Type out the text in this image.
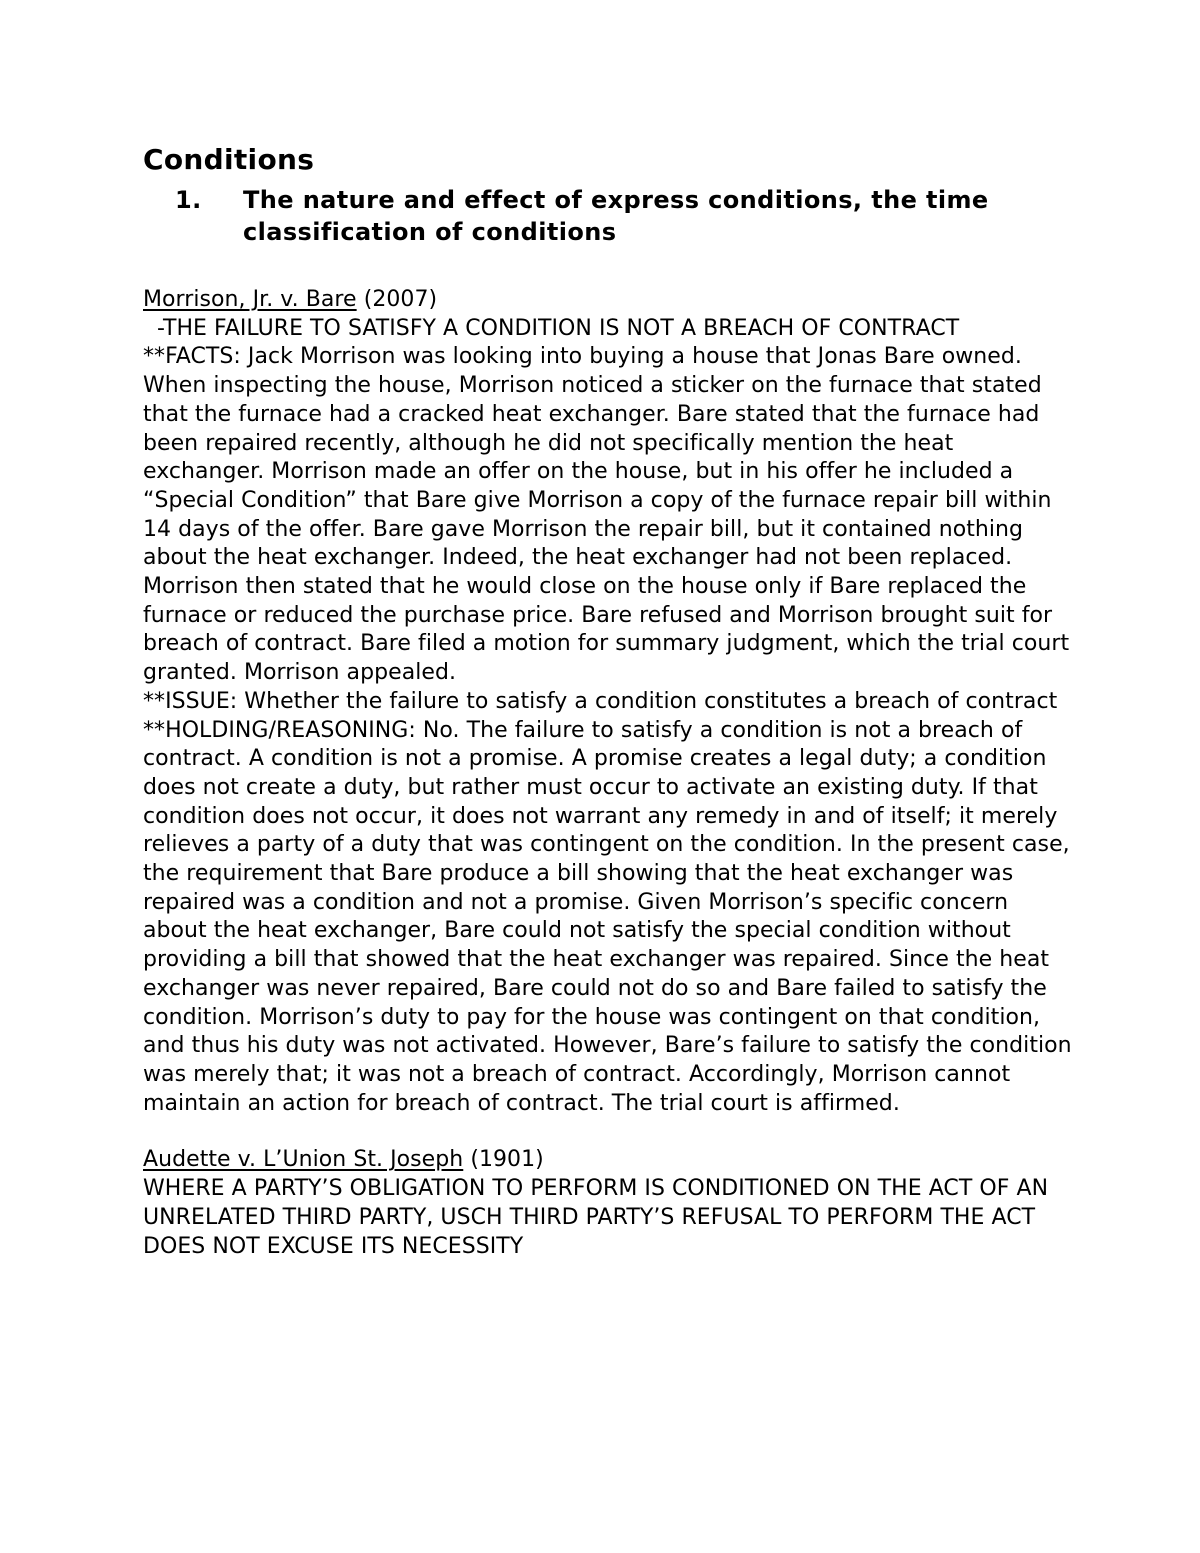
Conditions
1.	The nature and effect of express conditions, the time classification of conditions
Morrison, Jr. v. Bare (2007)

-THE FAILURE TO SATISFY A CONDITION IS NOT A BREACH OF CONTRACT

**FACTS: Jack Morrison was looking into buying a house that Jonas Bare owned. When inspecting the house, Morrison noticed a sticker on the furnace that stated that the furnace had a cracked heat exchanger. Bare stated that the furnace had been repaired recently, although he did not specifically mention the heat exchanger. Morrison made an offer on the house, but in his offer he included a “Special Condition” that Bare give Morrison a copy of the furnace repair bill within 14 days of the offer. Bare gave Morrison the repair bill, but it contained nothing about the heat exchanger. Indeed, the heat exchanger had not been replaced. Morrison then stated that he would close on the house only if Bare replaced the furnace or reduced the purchase price. Bare refused and Morrison brought suit for breach of contract. Bare filed a motion for summary judgment, which the trial court granted. Morrison appealed.

**ISSUE: Whether the failure to satisfy a condition constitutes a breach of contract

**HOLDING/REASONING: No. The failure to satisfy a condition is not a breach of contract. A condition is not a promise. A promise creates a legal duty; a condition does not create a duty, but rather must occur to activate an existing duty. If that condition does not occur, it does not warrant any remedy in and of itself; it merely relieves a party of a duty that was contingent on the condition. In the present case, the requirement that Bare produce a bill showing that the heat exchanger was repaired was a condition and not a promise. Given Morrison’s specific concern about the heat exchanger, Bare could not satisfy the special condition without providing a bill that showed that the heat exchanger was repaired. Since the heat exchanger was never repaired, Bare could not do so and Bare failed to satisfy the condition. Morrison’s duty to pay for the house was contingent on that condition, and thus his duty was not activated. However, Bare’s failure to satisfy the condition was merely that; it was not a breach of contract. Accordingly, Morrison cannot maintain an action for breach of contract. The trial court is affirmed.

Audette v. L’Union St. Joseph (1901)

WHERE A PARTY’S OBLIGATION TO PERFORM IS CONDITIONED ON THE ACT OF AN UNRELATED THIRD PARTY, USCH THIRD PARTY’S REFUSAL TO PERFORM THE ACT DOES NOT EXCUSE ITS NECESSITY
